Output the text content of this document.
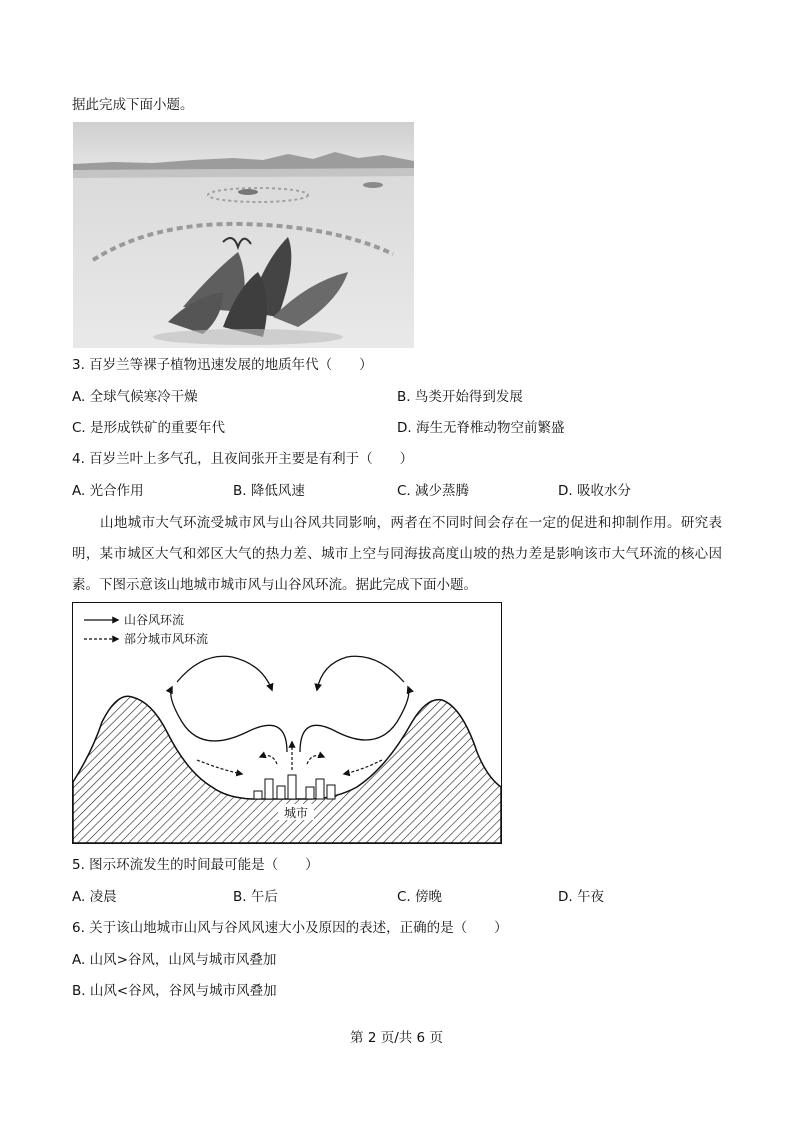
据此完成下面小题。
3. 百岁兰等裸子植物迅速发展的地质年代（　　）
A. 全球气候寒冷干燥	B. 鸟类开始得到发展
C. 是形成铁矿的重要年代	D. 海生无脊椎动物空前繁盛
4. 百岁兰叶上多气孔，且夜间张开主要是有利于（　　）
A. 光合作用	B. 降低风速	C. 减少蒸腾	D. 吸收水分
山地城市大气环流受城市风与山谷风共同影响，两者在不同时间会存在一定的促进和抑制作用。研究表明，某市城区大气和郊区大气的热力差、城市上空与同海拔高度山坡的热力差是影响该市大气环流的核心因素。下图示意该山地城市城市风与山谷风环流。据此完成下面小题。
山谷风环流
部分城市风环流
城市
5. 图示环流发生的时间最可能是（　　）
A. 凌晨	B. 午后	C. 傍晚	D. 午夜
6. 关于该山地城市山风与谷风风速大小及原因的表述，正确的是（　　）
A. 山风>谷风，山风与城市风叠加
B. 山风<谷风，谷风与城市风叠加
第 2 页/共 6 页
